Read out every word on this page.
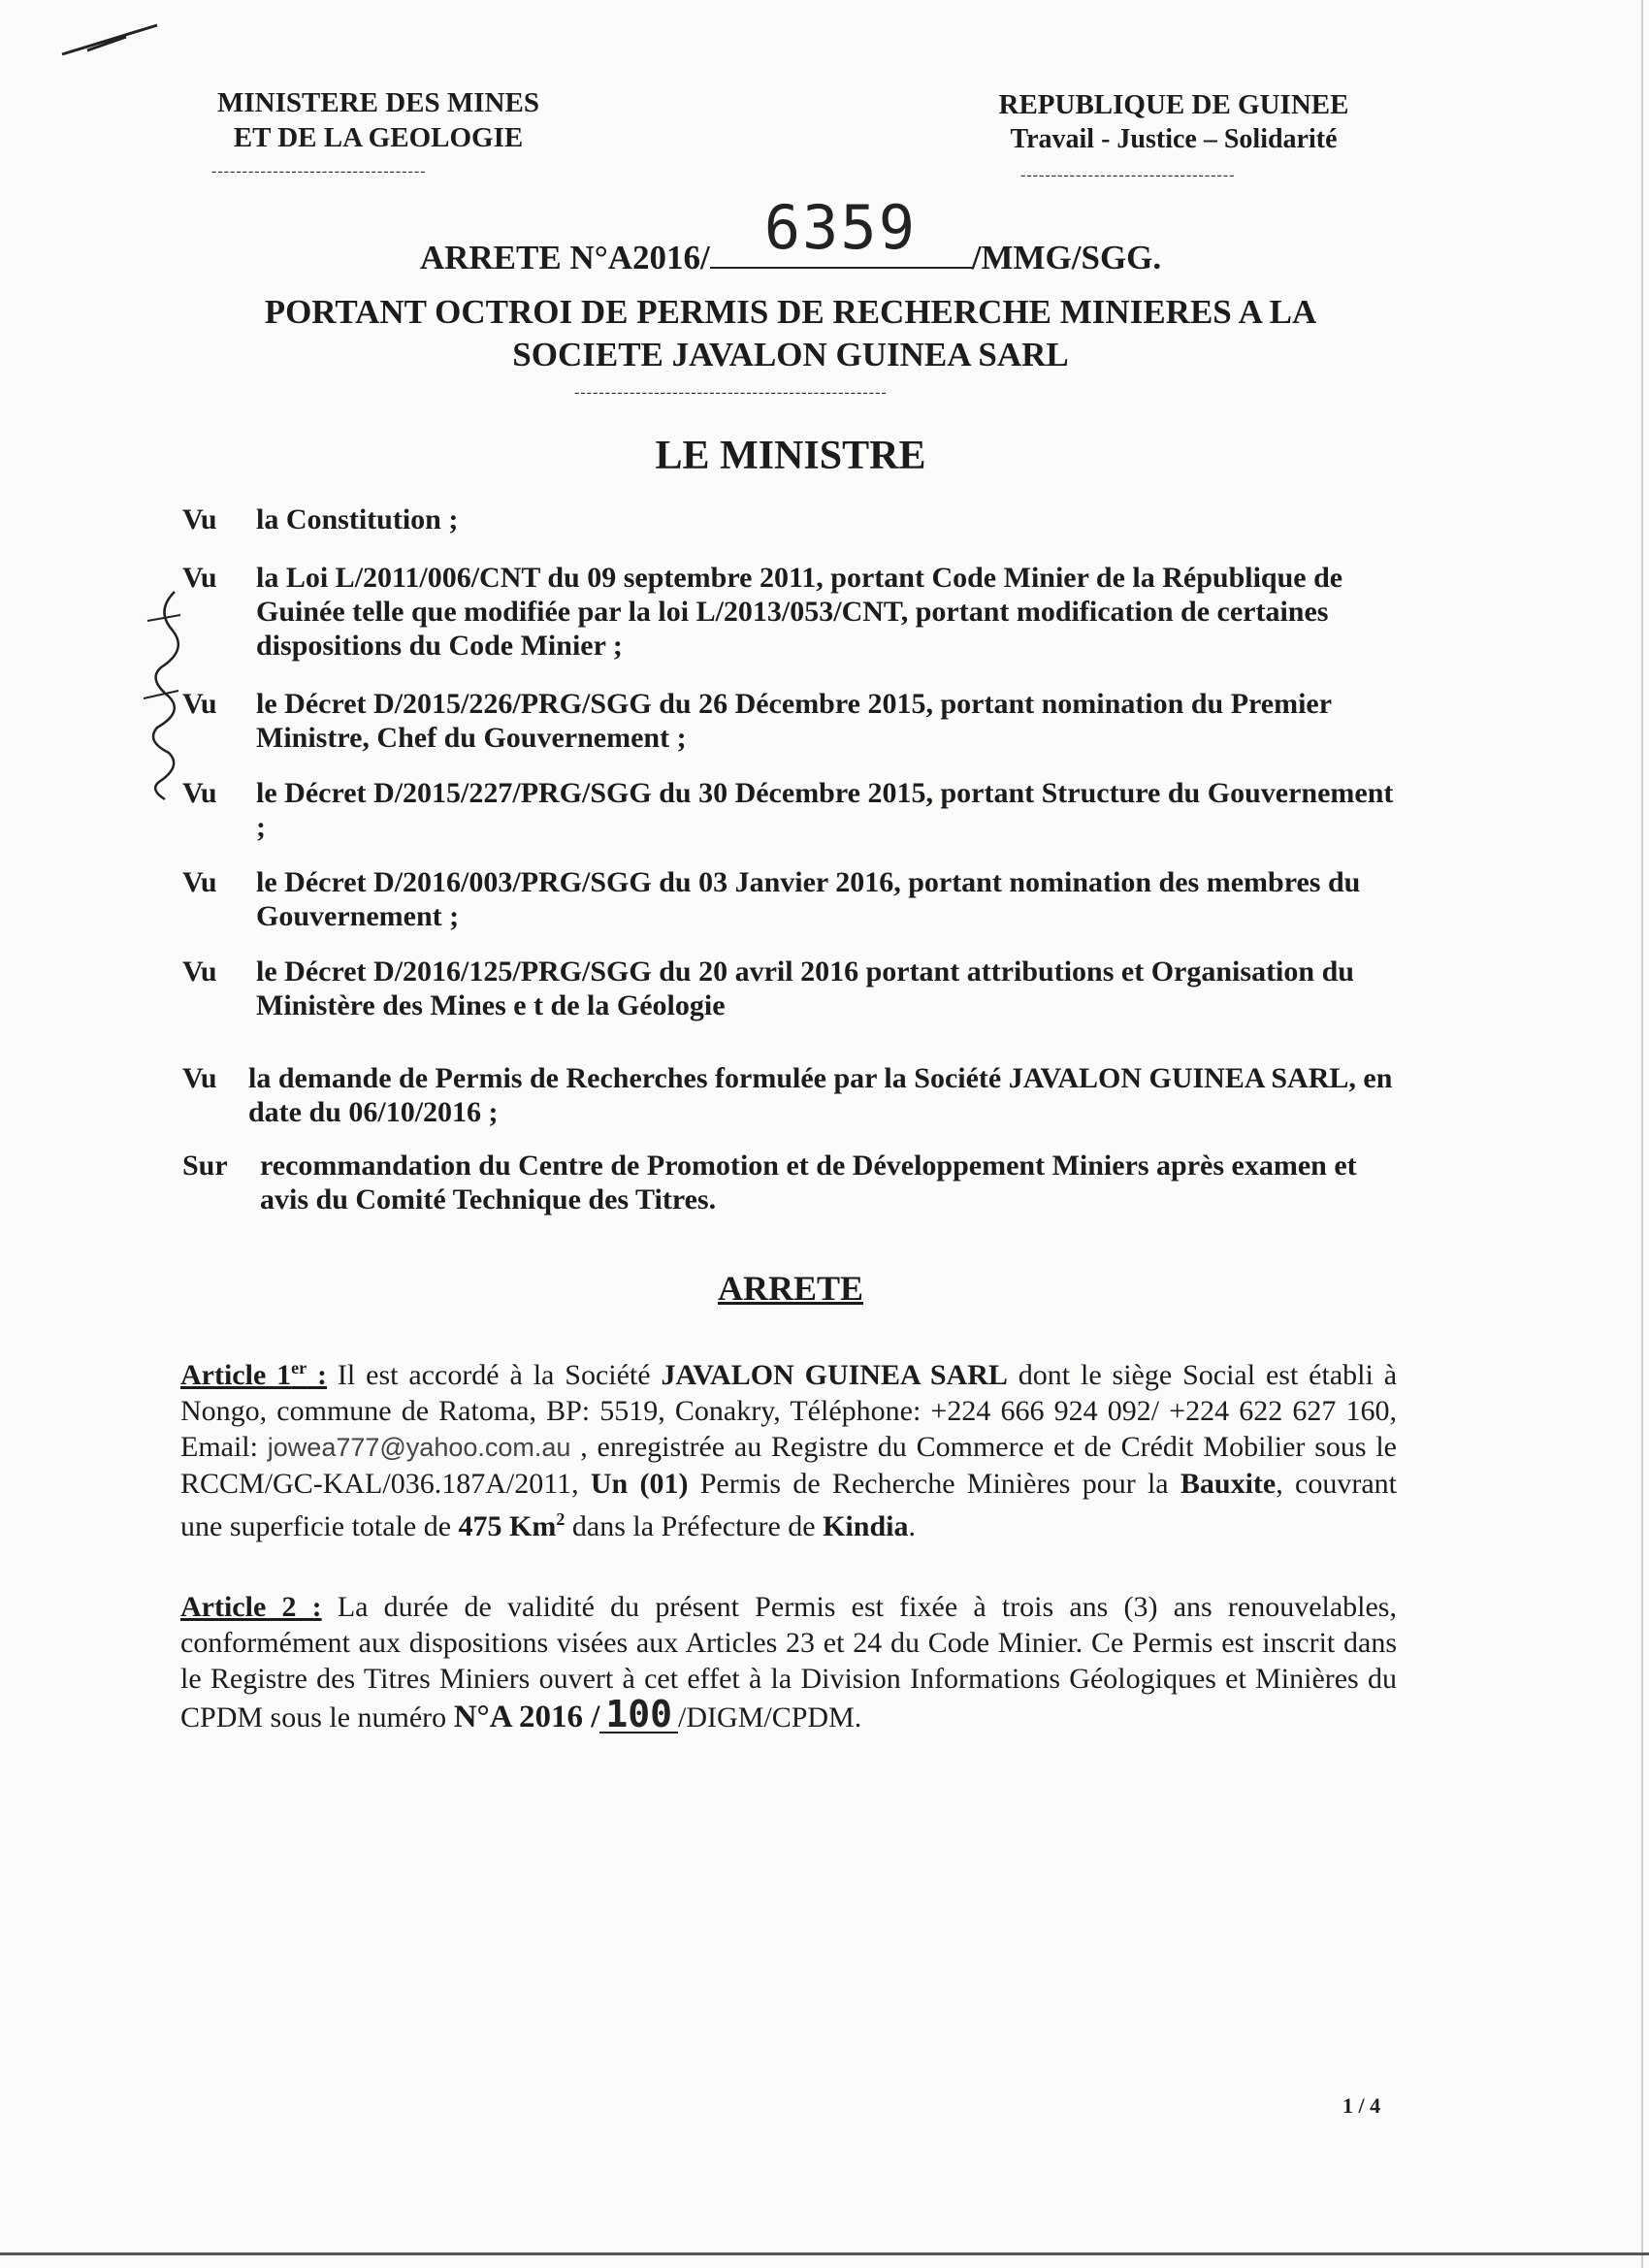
MINISTERE DES MINES
ET DE LA GEOLOGIE
-----------------------------------
REPUBLIQUE DE GUINEE
Travail - Justice – Solidarité
-----------------------------------
ARRETE N°A2016/ 6359 /MMG/SGG.
PORTANT OCTROI DE PERMIS DE RECHERCHE MINIERES A LA
SOCIETE JAVALON GUINEA SARL
---------------------------------------------------
LE MINISTRE
Vu	la Constitution ;
Vu	la Loi L/2011/006/CNT du 09 septembre 2011, portant Code Minier de la République de Guinée telle que modifiée par la loi L/2013/053/CNT, portant modification de certaines dispositions du Code Minier ;
Vu	le Décret D/2015/226/PRG/SGG du 26 Décembre 2015, portant nomination du Premier Ministre, Chef du Gouvernement ;
Vu	le Décret D/2015/227/PRG/SGG du 30 Décembre 2015, portant Structure du Gouvernement ;
Vu	le Décret D/2016/003/PRG/SGG du 03 Janvier 2016, portant nomination des membres du Gouvernement ;
Vu	le Décret D/2016/125/PRG/SGG du 20 avril 2016 portant attributions et Organisation du Ministère des Mines e t de la Géologie
Vu	la demande de Permis de Recherches formulée par la Société JAVALON GUINEA SARL, en date du 06/10/2016 ;
Sur	recommandation du Centre de Promotion et de Développement Miniers après examen et avis du Comité Technique des Titres.
ARRETE
Article 1er : Il est accordé à la Société JAVALON GUINEA SARL dont le siège Social est établi à Nongo, commune de Ratoma, BP: 5519, Conakry, Téléphone: +224 666 924 092/ +224 622 627 160, Email: jowea777@yahoo.com.au , enregistrée au Registre du Commerce et de Crédit Mobilier sous le RCCM/GC-KAL/036.187A/2011, Un (01) Permis de Recherche Minières pour la Bauxite, couvrant une superficie totale de 475 Km$^2$ dans la Préfecture de Kindia.
Article 2 : La durée de validité du présent Permis est fixée à trois ans (3) ans renouvelables, conformément aux dispositions visées aux Articles 23 et 24 du Code Minier. Ce Permis est inscrit dans le Registre des Titres Miniers ouvert à cet effet à la Division Informations Géologiques et Minières du CPDM sous le numéro N°A 2016 / 100 /DIGM/CPDM.
1 / 4
